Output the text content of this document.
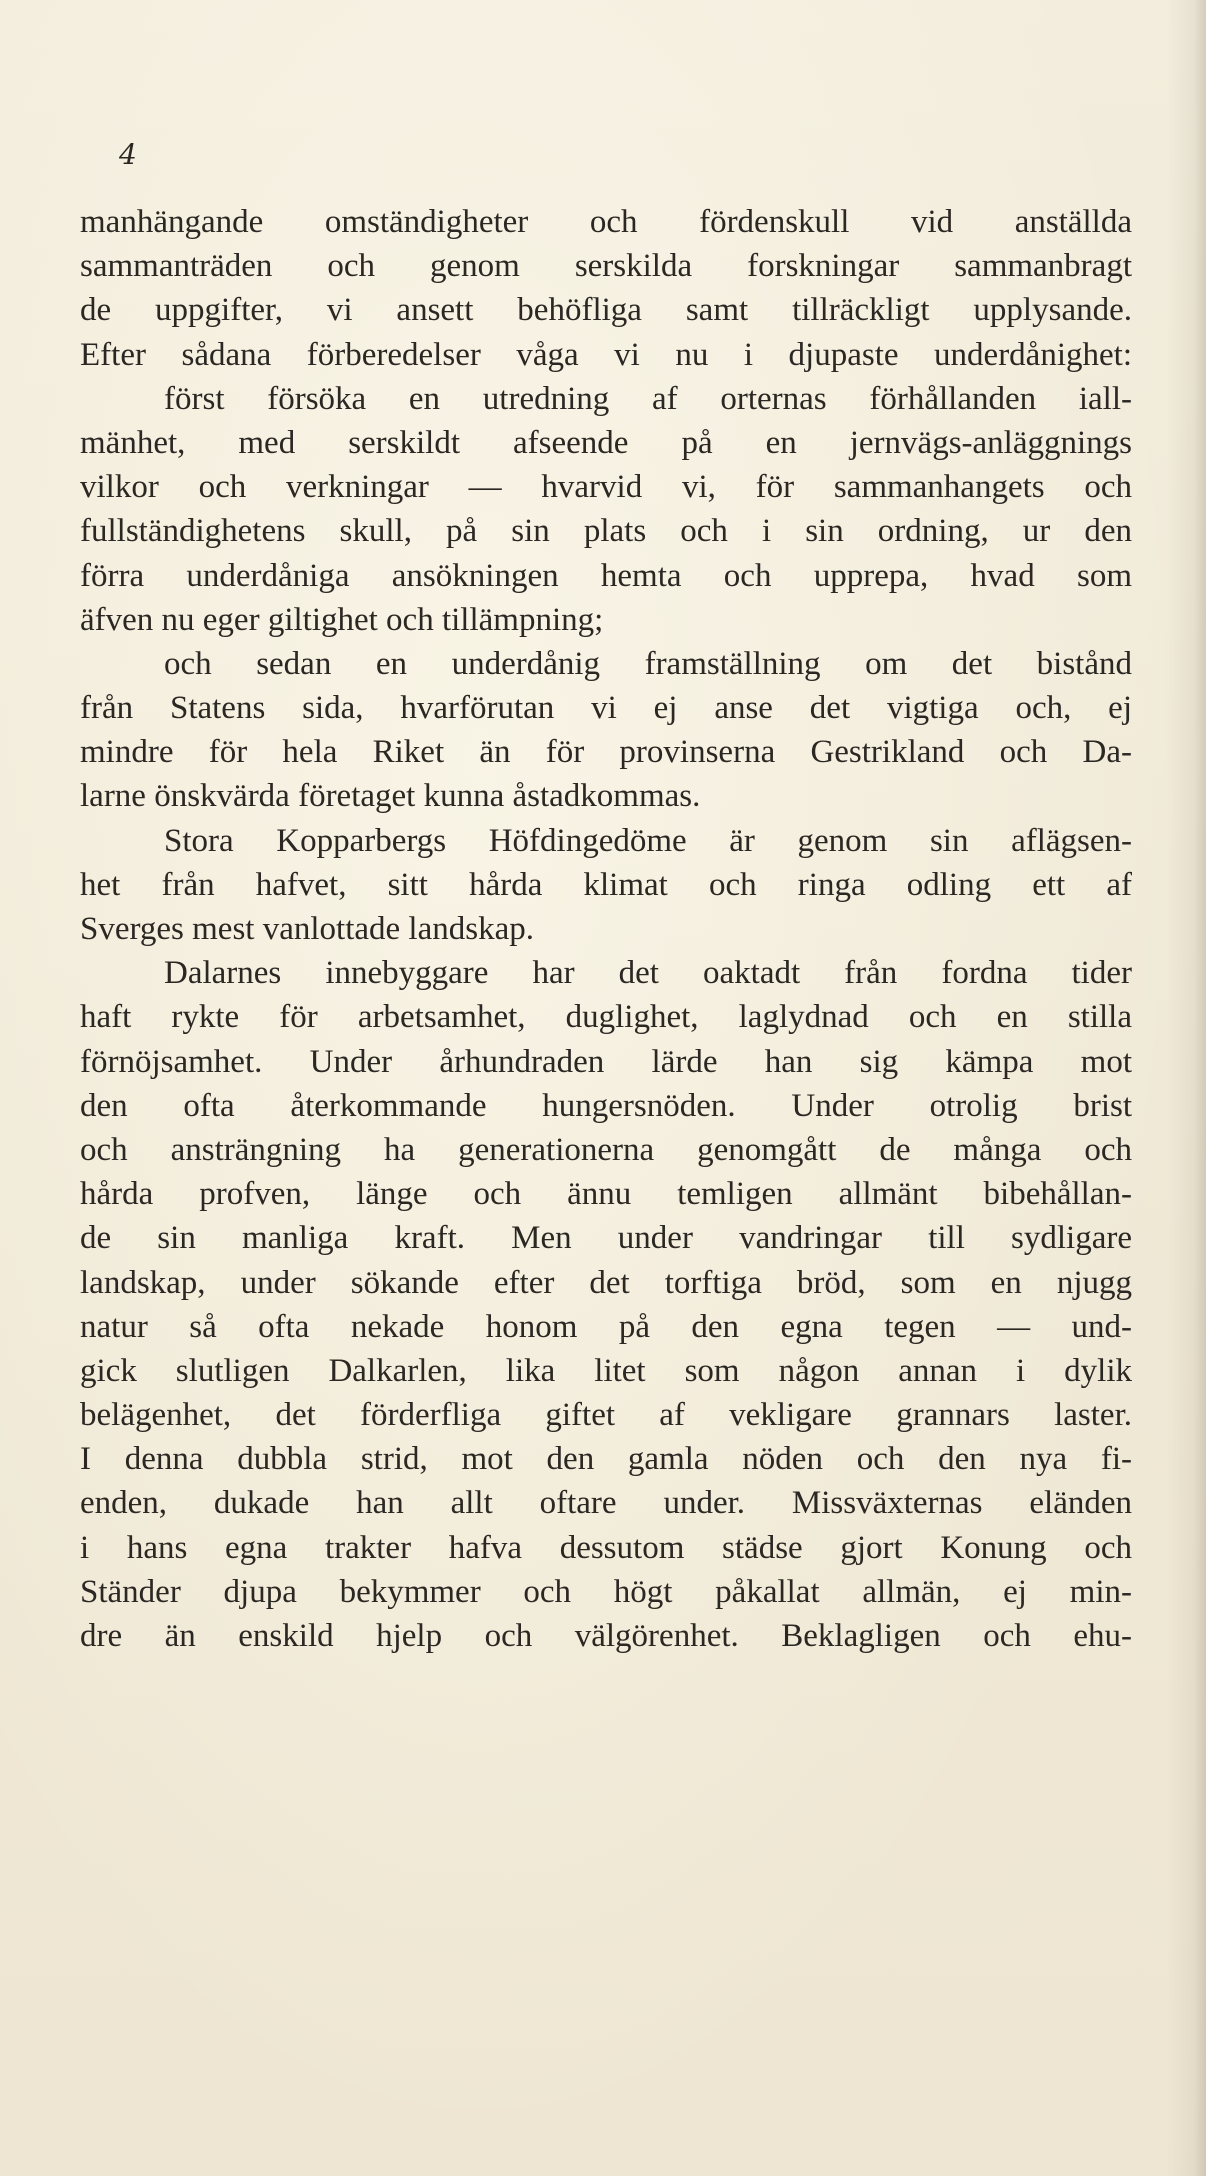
4
manhängande omständigheter och fördenskull vid anställda
sammanträden och genom serskilda forskningar sammanbragt
de uppgifter, vi ansett behöfliga samt tillräckligt upplysande.
Efter sådana förberedelser våga vi nu i djupaste underdånighet:
först försöka en utredning af orternas förhållanden iall-
mänhet, med serskildt afseende på en jernvägs-anläggnings
vilkor och verkningar — hvarvid vi, för sammanhangets och
fullständighetens skull, på sin plats och i sin ordning, ur den
förra underdåniga ansökningen hemta och upprepa, hvad som
äfven nu eger giltighet och tillämpning;
och sedan en underdånig framställning om det bistånd
från Statens sida, hvarförutan vi ej anse det vigtiga och, ej
mindre för hela Riket än för provinserna Gestrikland och Da-
larne önskvärda företaget kunna åstadkommas.
Stora Kopparbergs Höfdingedöme är genom sin aflägsen-
het från hafvet, sitt hårda klimat och ringa odling ett af
Sverges mest vanlottade landskap.
Dalarnes innebyggare har det oaktadt från fordna tider
haft rykte för arbetsamhet, duglighet, laglydnad och en stilla
förnöjsamhet. Under århundraden lärde han sig kämpa mot
den ofta återkommande hungersnöden. Under otrolig brist
och ansträngning ha generationerna genomgått de många och
hårda profven, länge och ännu temligen allmänt bibehållan-
de sin manliga kraft. Men under vandringar till sydligare
landskap, under sökande efter det torftiga bröd, som en njugg
natur så ofta nekade honom på den egna tegen — und-
gick slutligen Dalkarlen, lika litet som någon annan i dylik
belägenhet, det förderfliga giftet af vekligare grannars laster.
I denna dubbla strid, mot den gamla nöden och den nya fi-
enden, dukade han allt oftare under. Missväxternas eländen
i hans egna trakter hafva dessutom städse gjort Konung och
Ständer djupa bekymmer och högt påkallat allmän, ej min-
dre än enskild hjelp och välgörenhet. Beklagligen och ehu-
